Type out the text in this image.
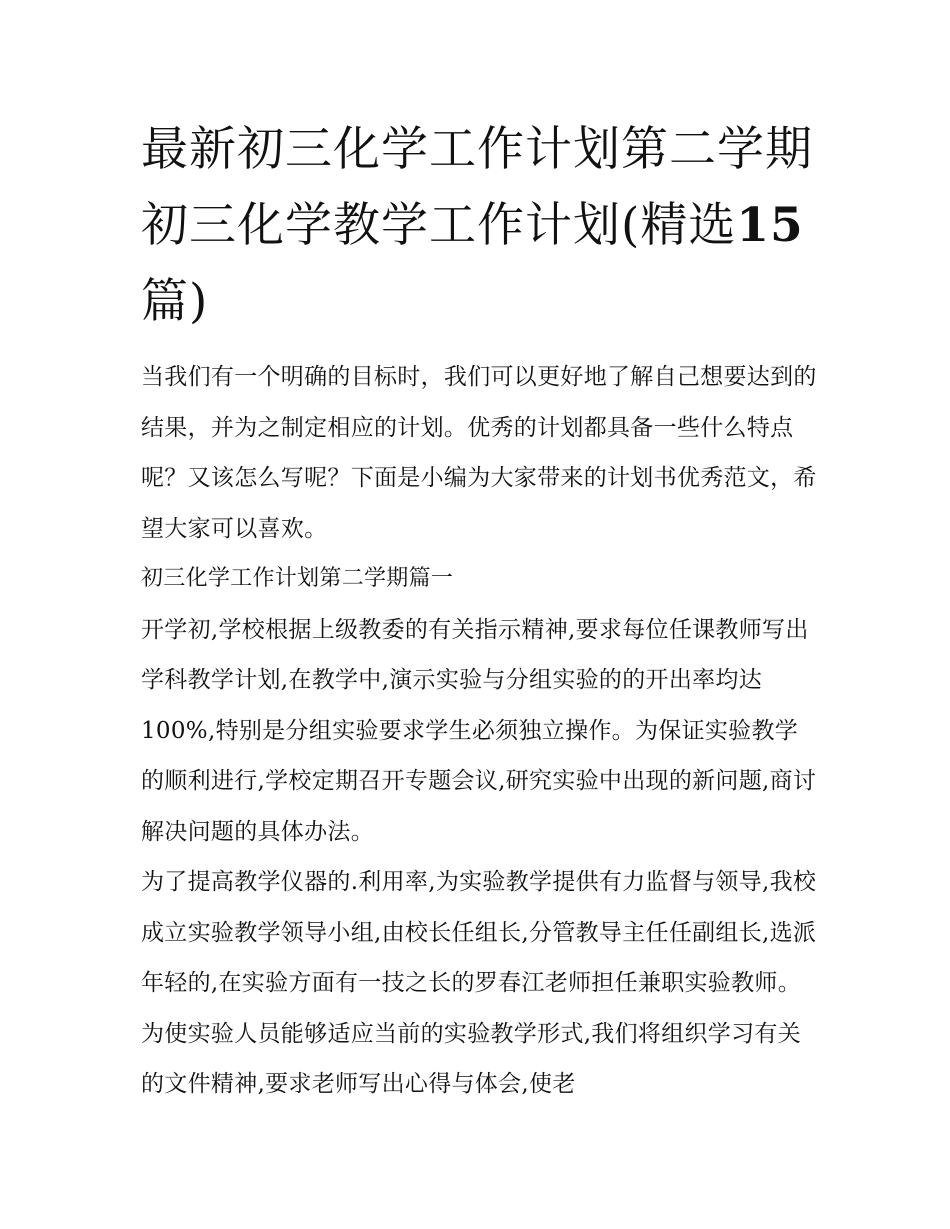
最新初三化学工作计划第二学期 初三化学教学工作计划(精选15 篇)

当我们有一个明确的目标时，我们可以更好地了解自己想要达到的结果，并为之制定相应的计划。优秀的计划都具备一些什么特点呢？又该怎么写呢？下面是小编为大家带来的计划书优秀范文，希望大家可以喜欢。

初三化学工作计划第二学期篇一

开学初,学校根据上级教委的有关指示精神,要求每位任课教师写出学科教学计划,在教学中,演示实验与分组实验的的开出率均达100%,特别是分组实验要求学生必须独立操作。为保证实验教学的顺利进行,学校定期召开专题会议,研究实验中出现的新问题,商讨解决问题的具体办法。

为了提高教学仪器的.利用率,为实验教学提供有力监督与领导,我校成立实验教学领导小组,由校长任组长,分管教导主任任副组长,选派年轻的,在实验方面有一技之长的罗春江老师担任兼职实验教师。为使实验人员能够适应当前的实验教学形式,我们将组织学习有关的文件精神,要求老师写出心得与体会,使老
